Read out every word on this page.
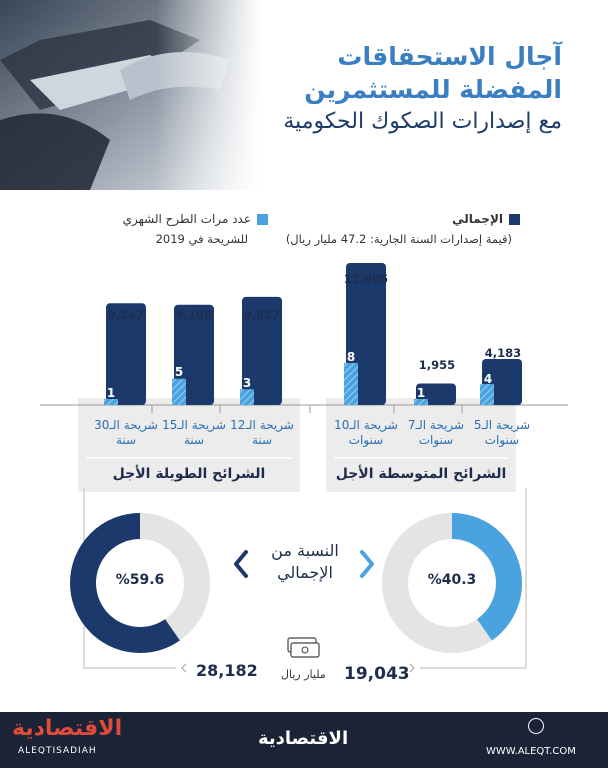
آجال الاستحقاقات
المفضلة للمستثمرين
مع إصدارات الصكوك الحكومية
الإجمالي
(قيمة إصدارات السنة الجارية: 47.2 مليار ريال)
عدد مرات الطرح الشهري
للشريحة في 2019
9,247	9,108	9,827
12,905
1,955
4,183
1
5
3
8
1
4
شريحة الـ30
سنة
شريحة الـ15
سنة
شريحة الـ12
سنة
شريحة الـ10
سنوات
شريحة الـ7
سنوات
شريحة الـ5
سنوات
الشرائح الطويلة الأجل	الشرائح المتوسطة الأجل
%59.6	%40.3
النسبة من
الإجمالي
28,182 مليار ريال 19,043
الاقتصادية
ALEQTISADIAH
الاقتصادية
WWW.ALEQT.COM
